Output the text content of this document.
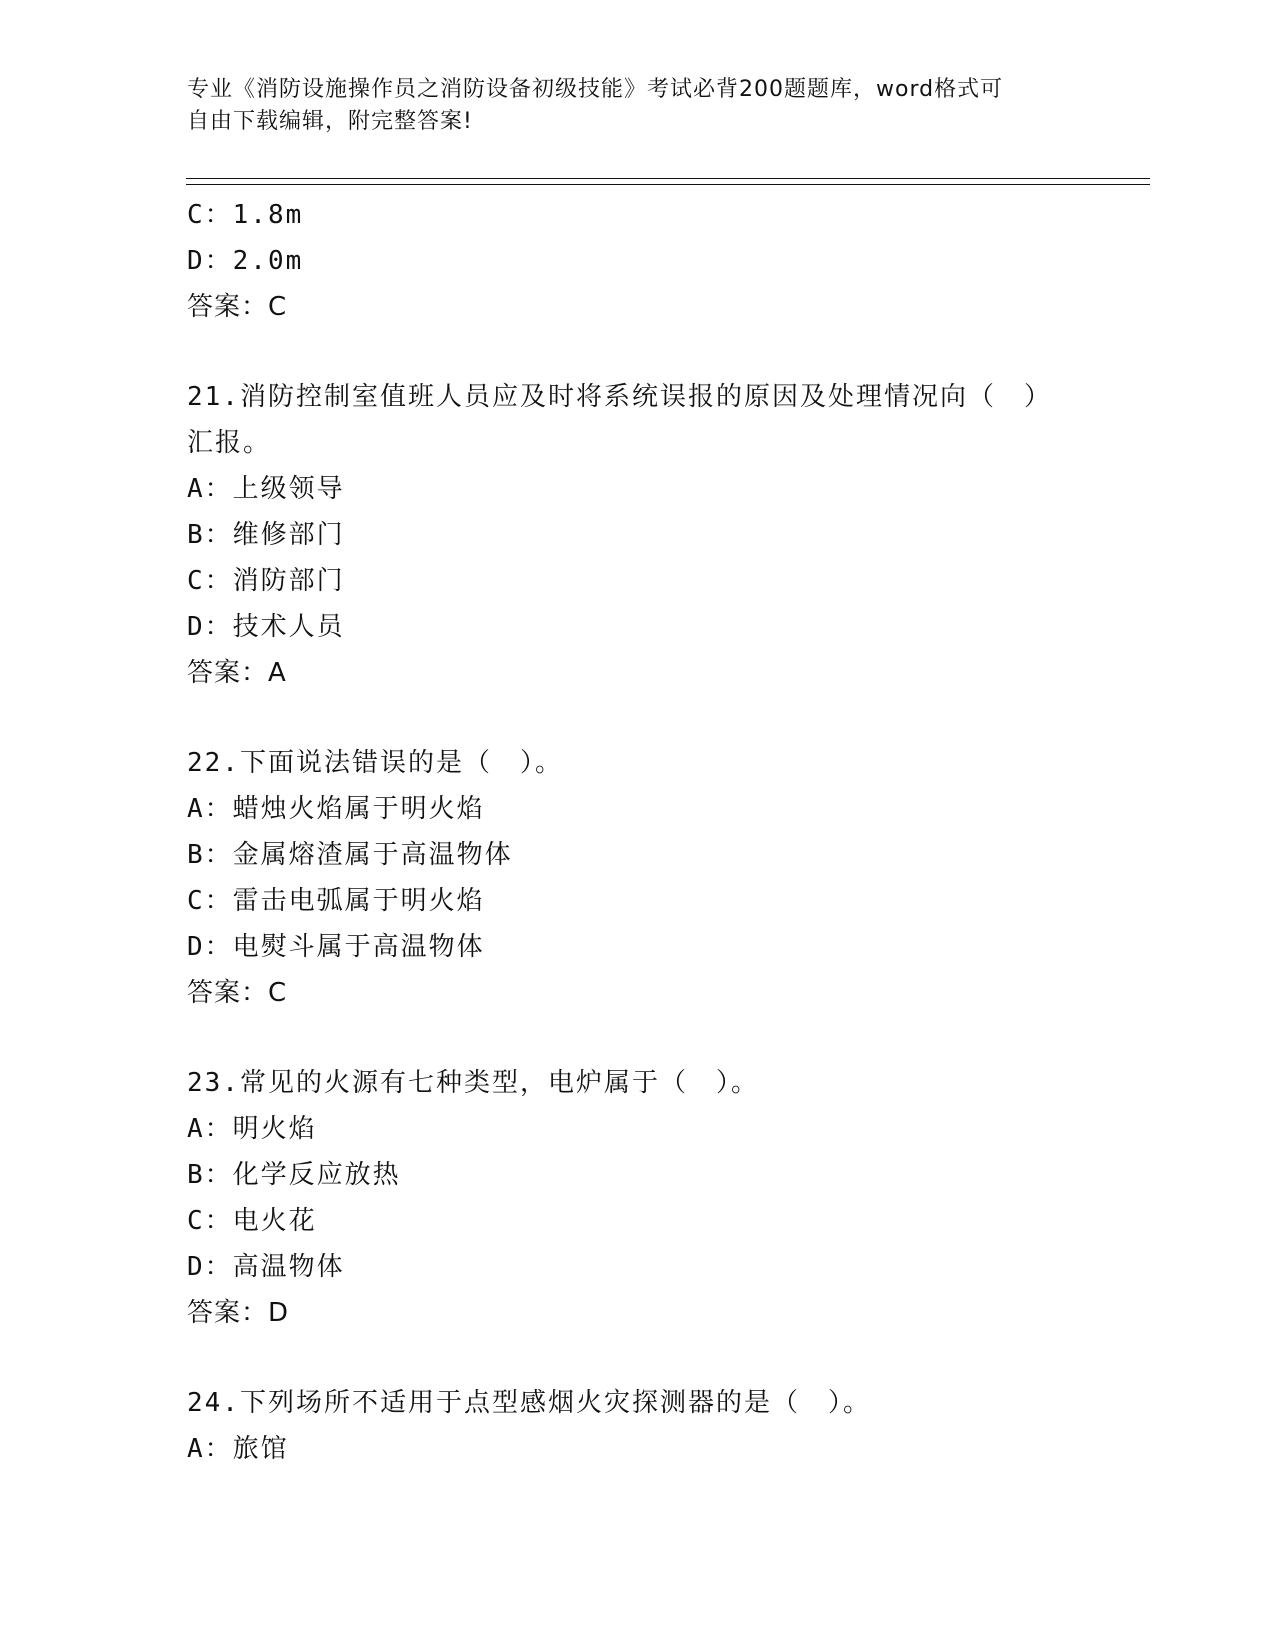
专业《消防设施操作员之消防设备初级技能》考试必背200题题库，word格式可
自由下载编辑，附完整答案!
C：1.8m
D：2.0m
答案：C
21.消防控制室值班人员应及时将系统误报的原因及处理情况向（　）
汇报。
A：上级领导
B：维修部门
C：消防部门
D：技术人员
答案：A
22.下面说法错误的是（　）。
A：蜡烛火焰属于明火焰
B：金属熔渣属于高温物体
C：雷击电弧属于明火焰
D：电熨斗属于高温物体
答案：C
23.常见的火源有七种类型，电炉属于（　）。
A：明火焰
B：化学反应放热
C：电火花
D：高温物体
答案：D
24.下列场所不适用于点型感烟火灾探测器的是（　）。
A：旅馆
